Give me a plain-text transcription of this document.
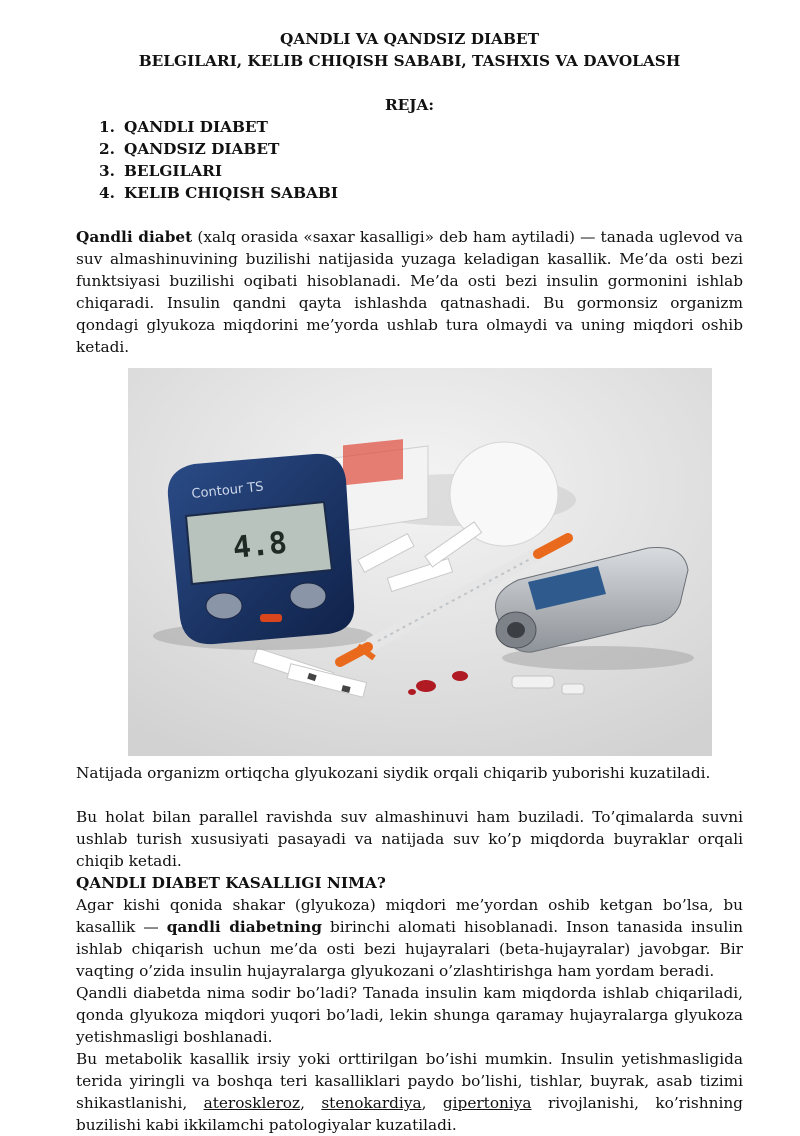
QANDLI VA QANDSIZ DIABET
BELGILARI, KELIB CHIQISH SABABI, TASHXIS VA DAVOLASH
REJA:
1. QANDLI DIABET
2. QANDSIZ DIABET
3. BELGILARI
4. KELIB CHIQISH SABABI

Qandli diabet (xalq orasida «saxar kasalligi» deb ham aytiladi) — tanada uglevod va suv almashinuvining buzilishi natijasida yuzaga keladigan kasallik. Me’da osti bezi funktsiyasi buzilishi oqibati hisoblanadi. Me’da osti bezi insulin gormonini ishlab chiqaradi. Insulin qandni qayta ishlashda qatnashadi. Bu gormonsiz organizm qondagi glyukoza miqdorini me’yorda ushlab tura olmaydi va uning miqdori oshib ketadi.

Contour TS
4.8

Natijada organizm ortiqcha glyukozani siydik orqali chiqarib yuborishi kuzatiladi.

Bu holat bilan parallel ravishda suv almashinuvi ham buziladi. To’qimalarda suvni ushlab turish xususiyati pasayadi va natijada suv ko’p miqdorda buyraklar orqali chiqib ketadi.

QANDLI DIABET KASALLIGI NIMA?

Agar kishi qonida shakar (glyukoza) miqdori me’yordan oshib ketgan bo’lsa, bu kasallik — qandli diabetning birinchi alomati hisoblanadi. Inson tanasida insulin ishlab chiqarish uchun me’da osti bezi hujayralari (beta-hujayralar) javobgar. Bir vaqting o’zida insulin hujayralarga glyukozani o’zlashtirishga ham yordam beradi.

Qandli diabetda nima sodir bo’ladi? Tanada insulin kam miqdorda ishlab chiqariladi, qonda glyukoza miqdori yuqori bo’ladi, lekin shunga qaramay hujayralarga glyukoza yetishmasligi boshlanadi.

Bu metabolik kasallik irsiy yoki orttirilgan bo’ishi mumkin. Insulin yetishmasligida terida yiringli va boshqa teri kasalliklari paydo bo’lishi, tishlar, buyrak, asab tizimi shikastlanishi, ateroskleroz, stenokardiya, gipertoniya rivojlanishi, ko’rishning buzilishi kabi ikkilamchi patologiyalar kuzatiladi.
